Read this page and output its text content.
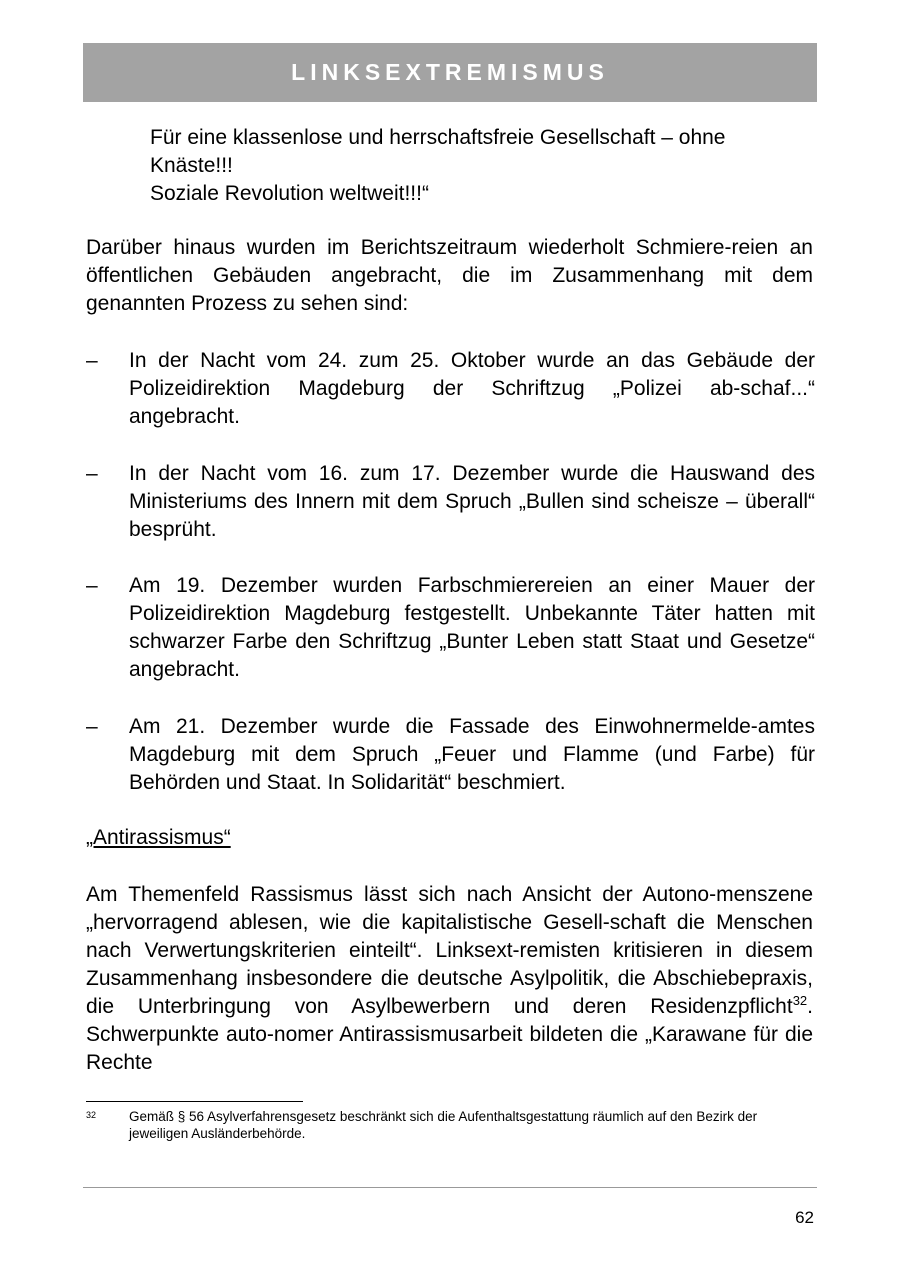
LINKSEXTREMISMUS
Für eine klassenlose und herrschaftsfreie Gesellschaft – ohne
Knäste!!!
Soziale Revolution weltweit!!!“

Darüber hinaus wurden im Berichtszeitraum wiederholt Schmiere-reien an öffentlichen Gebäuden angebracht, die im Zusammenhang mit dem genannten Prozess zu sehen sind:

–	In der Nacht vom 24. zum 25. Oktober wurde an das Gebäude der Polizeidirektion Magdeburg der Schriftzug „Polizei ab-schaf...“ angebracht.
–	In der Nacht vom 16. zum 17. Dezember wurde die Hauswand des Ministeriums des Innern mit dem Spruch „Bullen sind scheisze – überall“ besprüht.
–	Am 19. Dezember wurden Farbschmierereien an einer Mauer der Polizeidirektion Magdeburg festgestellt. Unbekannte Täter hatten mit schwarzer Farbe den Schriftzug „Bunter Leben statt Staat und Gesetze“ angebracht.
–	Am 21. Dezember wurde die Fassade des Einwohnermelde-amtes Magdeburg mit dem Spruch „Feuer und Flamme (und Farbe) für Behörden und Staat. In Solidarität“ beschmiert.
„Antirassismus“

Am Themenfeld Rassismus lässt sich nach Ansicht der Autono-menszene „hervorragend ablesen, wie die kapitalistische Gesell-schaft die Menschen nach Verwertungskriterien einteilt“. Linksext-remisten kritisieren in diesem Zusammenhang insbesondere die deutsche Asylpolitik, die Abschiebepraxis, die Unterbringung von Asylbewerbern und deren Residenzpflicht$^{32}$. Schwerpunkte auto-nomer Antirassismusarbeit bildeten die „Karawane für die Rechte

32 Gemäß § 56 Asylverfahrensgesetz beschränkt sich die Aufenthaltsgestattung räumlich auf den Bezirk der jeweiligen Ausländerbehörde.
62
